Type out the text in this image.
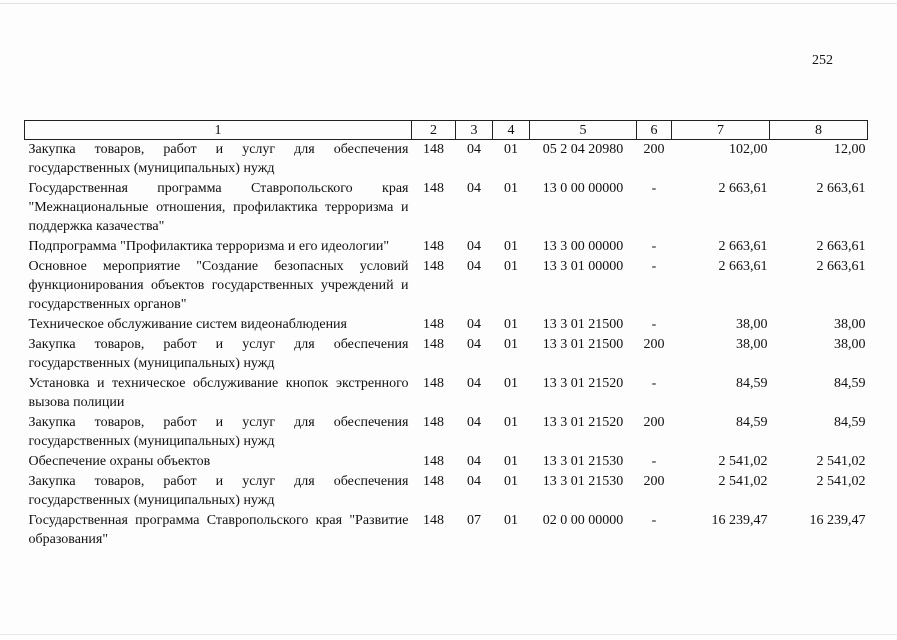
252
1	2	3	4	5	6	7	8
Закупка товаров, работ и услуг для обеспечения государственных (муниципальных) нужд	148	04	01	05 2 04 20980	200	102,00	12,00
Государственная программа Ставропольского края "Межнациональные отношения, профилактика терроризма и поддержка казачества"	148	04	01	13 0 00 00000	-	2 663,61	2 663,61
Подпрограмма "Профилактика терроризма и его идеологии"	148	04	01	13 3 00 00000	-	2 663,61	2 663,61
Основное мероприятие "Создание безопасных условий функционирования объектов государственных учреждений и государственных органов"	148	04	01	13 3 01 00000	-	2 663,61	2 663,61
Техническое обслуживание систем видеонаблюдения	148	04	01	13 3 01 21500	-	38,00	38,00
Закупка товаров, работ и услуг для обеспечения государственных (муниципальных) нужд	148	04	01	13 3 01 21500	200	38,00	38,00
Установка и техническое обслуживание кнопок экстренного вызова полиции	148	04	01	13 3 01 21520	-	84,59	84,59
Закупка товаров, работ и услуг для обеспечения государственных (муниципальных) нужд	148	04	01	13 3 01 21520	200	84,59	84,59
Обеспечение охраны объектов	148	04	01	13 3 01 21530	-	2 541,02	2 541,02
Закупка товаров, работ и услуг для обеспечения государственных (муниципальных) нужд	148	04	01	13 3 01 21530	200	2 541,02	2 541,02
Государственная программа Ставропольского края "Развитие образования"	148	07	01	02 0 00 00000	-	16 239,47	16 239,47
